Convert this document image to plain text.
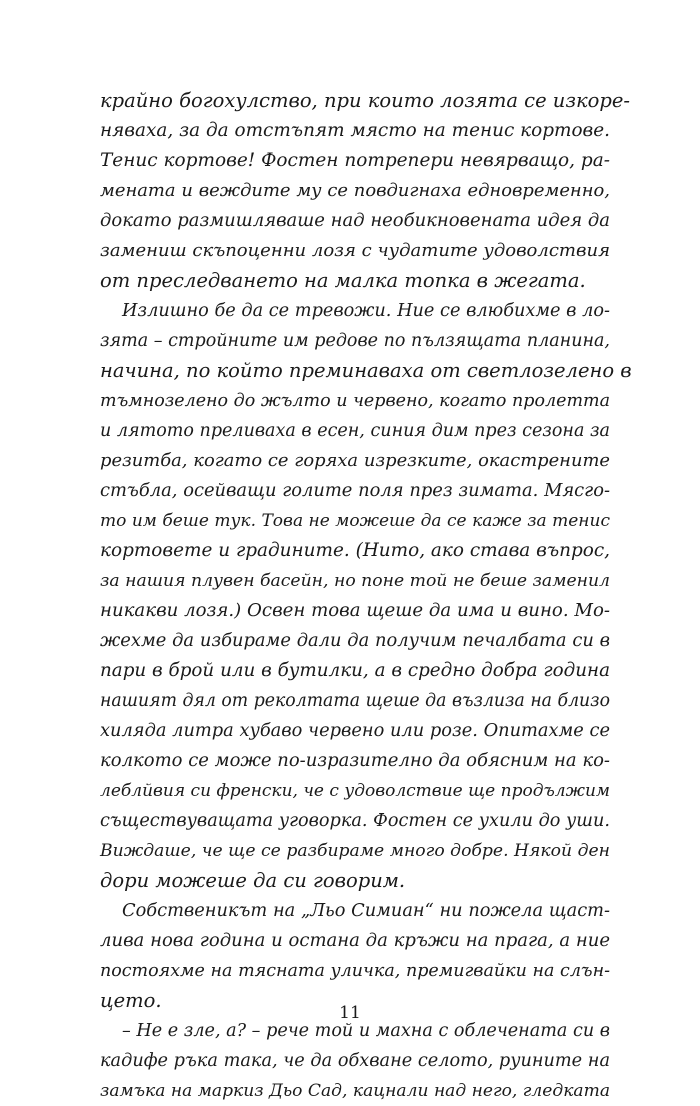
крайно богохулство, при които лозята се изкоре-
няваха, за да отстъпят място на тенис кортове.
Тенис кортове! Фостен потрепери невярващо, ра-
мената и веждите му се повдигнаха едновременно,
докато размишляваше над необикновената идея да
замениш скъпоценни лозя с чудатите удоволствия
от преследването на малка топка в жегата.
Излишно бе да се тревожи. Ние се влюбихме в ло-
зята – стройните им редове по пълзящата планина,
начина, по който преминаваха от светлозелено в
тъмнозелено до жълто и червено, когато пролетта
и лятото преливаха в есен, синия дим през сезона за
резитба, когато се горяха изрезките, окастрените
стъбла, осейващи голите поля през зимата. Мясго-
то им беше тук. Това не можеше да се каже за тенис
кортовете и градините. (Нито, ако става въпрос,
за нашия плувен басейн, но поне той не беше заменил
никакви лозя.) Освен това щеше да има и вино. Мо-
жехме да избираме дали да получим печалбата си в
пари в брой или в бутилки, а в средно добра година
нашият дял от реколтата щеше да възлиза на близо
хиляда литра хубаво червено или розе. Опитахме се
колкото се може по-изразително да обясним на ко-
леблйвия си френски, че с удоволствие ще продължим
съществуващата уговорка. Фостен се ухили до уши.
Виждаше, че ще се разбираме много добре. Някой ден
дори можеше да си говорим.
Собственикът на „Льо Симиан“ ни пожела щаст-
лива нова година и остана да кръжи на прага, а ние
постояхме на тясната уличка, премигвайки на слън-
цето.
– Не е зле, а? – рече той и махна с облечената си в
кадифе ръка така, че да обхване селото, руините на
замъка на маркиз Дьо Сад, кацнали над него, гледката
11
